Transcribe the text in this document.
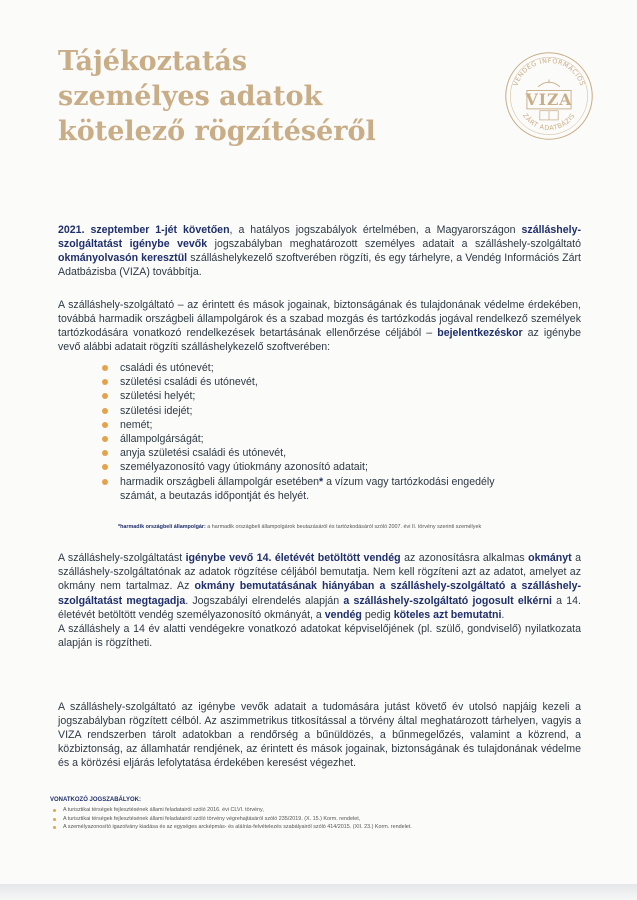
Tájékoztatás
személyes adatok
kötelező rögzítéséről
VENDÉG INFORMÁCIÓS
ZÁRT ADATBÁZIS
VIZA

2021. szeptember 1-jét követően, a hatályos jogszabályok értelmében, a Magyarországon szálláshely-szolgáltatást igénybe vevők jogszabályban meghatározott személyes adatait a szálláshely-szolgáltató okmányolvasón keresztül szálláshelykezelő szoftverében rögzíti, és egy tárhelyre, a Vendég Információs Zárt Adatbázisba (VIZA) továbbítja.

A szálláshely-szolgáltató – az érintett és mások jogainak, biztonságának és tulajdonának védelme érdekében, továbbá harmadik országbeli állampolgárok és a szabad mozgás és tartózkodás jogával rendelkező személyek tartózkodására vonatkozó rendelkezések betartásának ellenőrzése céljából – bejelentkezéskor az igénybe vevő alábbi adatait rögzíti szálláshelykezelő szoftverében:

családi és utónevét;
születési családi és utónevét,
születési helyét;
születési idejét;
nemét;
állampolgárságát;
anyja születési családi és utónevét,
személyazonosító vagy útiokmány azonosító adatait;
harmadik országbeli állampolgár esetében* a vízum vagy tartózkodási engedély számát, a beutazás időpontját és helyét.

*harmadik országbeli állampolgár: a harmadik országbeli állampolgárok beutazásáról és tartózkodásáról szóló 2007. évi II. törvény szerinti személyek

A szálláshely-szolgáltatást igénybe vevő 14. életévét betöltött vendég az azonosításra alkalmas okmányt a szálláshely-szolgáltatónak az adatok rögzítése céljából bemutatja. Nem kell rögzíteni azt az adatot, amelyet az okmány nem tartalmaz. Az okmány bemutatásának hiányában a szálláshely-szolgáltató a szálláshely-szolgáltatást megtagadja. Jogszabályi elrendelés alapján a szálláshely-szolgáltató jogosult elkérni a 14. életévét betöltött vendég személyazonosító okmányát, a vendég pedig köteles azt bemutatni.
A szálláshely a 14 év alatti vendégekre vonatkozó adatokat képviselőjének (pl. szülő, gondviselő) nyilatkozata alapján is rögzítheti.

A szálláshely-szolgáltató az igénybe vevők adatait a tudomására jutást követő év utolsó napjáig kezeli a jogszabályban rögzített célból. Az aszimmetrikus titkosítással a törvény által meghatározott tárhelyen, vagyis a VIZA rendszerben tárolt adatokban a rendőrség a bűnüldözés, a bűnmegelőzés, valamint a közrend, a közbiztonság, az államhatár rendjének, az érintett és mások jogainak, biztonságának és tulajdonának védelme és a körözési eljárás lefolytatása érdekében keresést végezhet.

VONATKOZÓ JOGSZABÁLYOK:

A turisztikai térségek fejlesztésének állami feladatairól szóló 2016. évi CLVI. törvény,
A turisztikai térségek fejlesztésének állami feladatairól szóló törvény végrehajtásáról szóló 235/2019. (X. 15.) Korm. rendelet,
A személyazonosító igazolvány kiadása és az egységes arcképmás- és aláírás-felvételezés szabályairól szóló 414/2015. (XII. 23.) Korm. rendelet.
